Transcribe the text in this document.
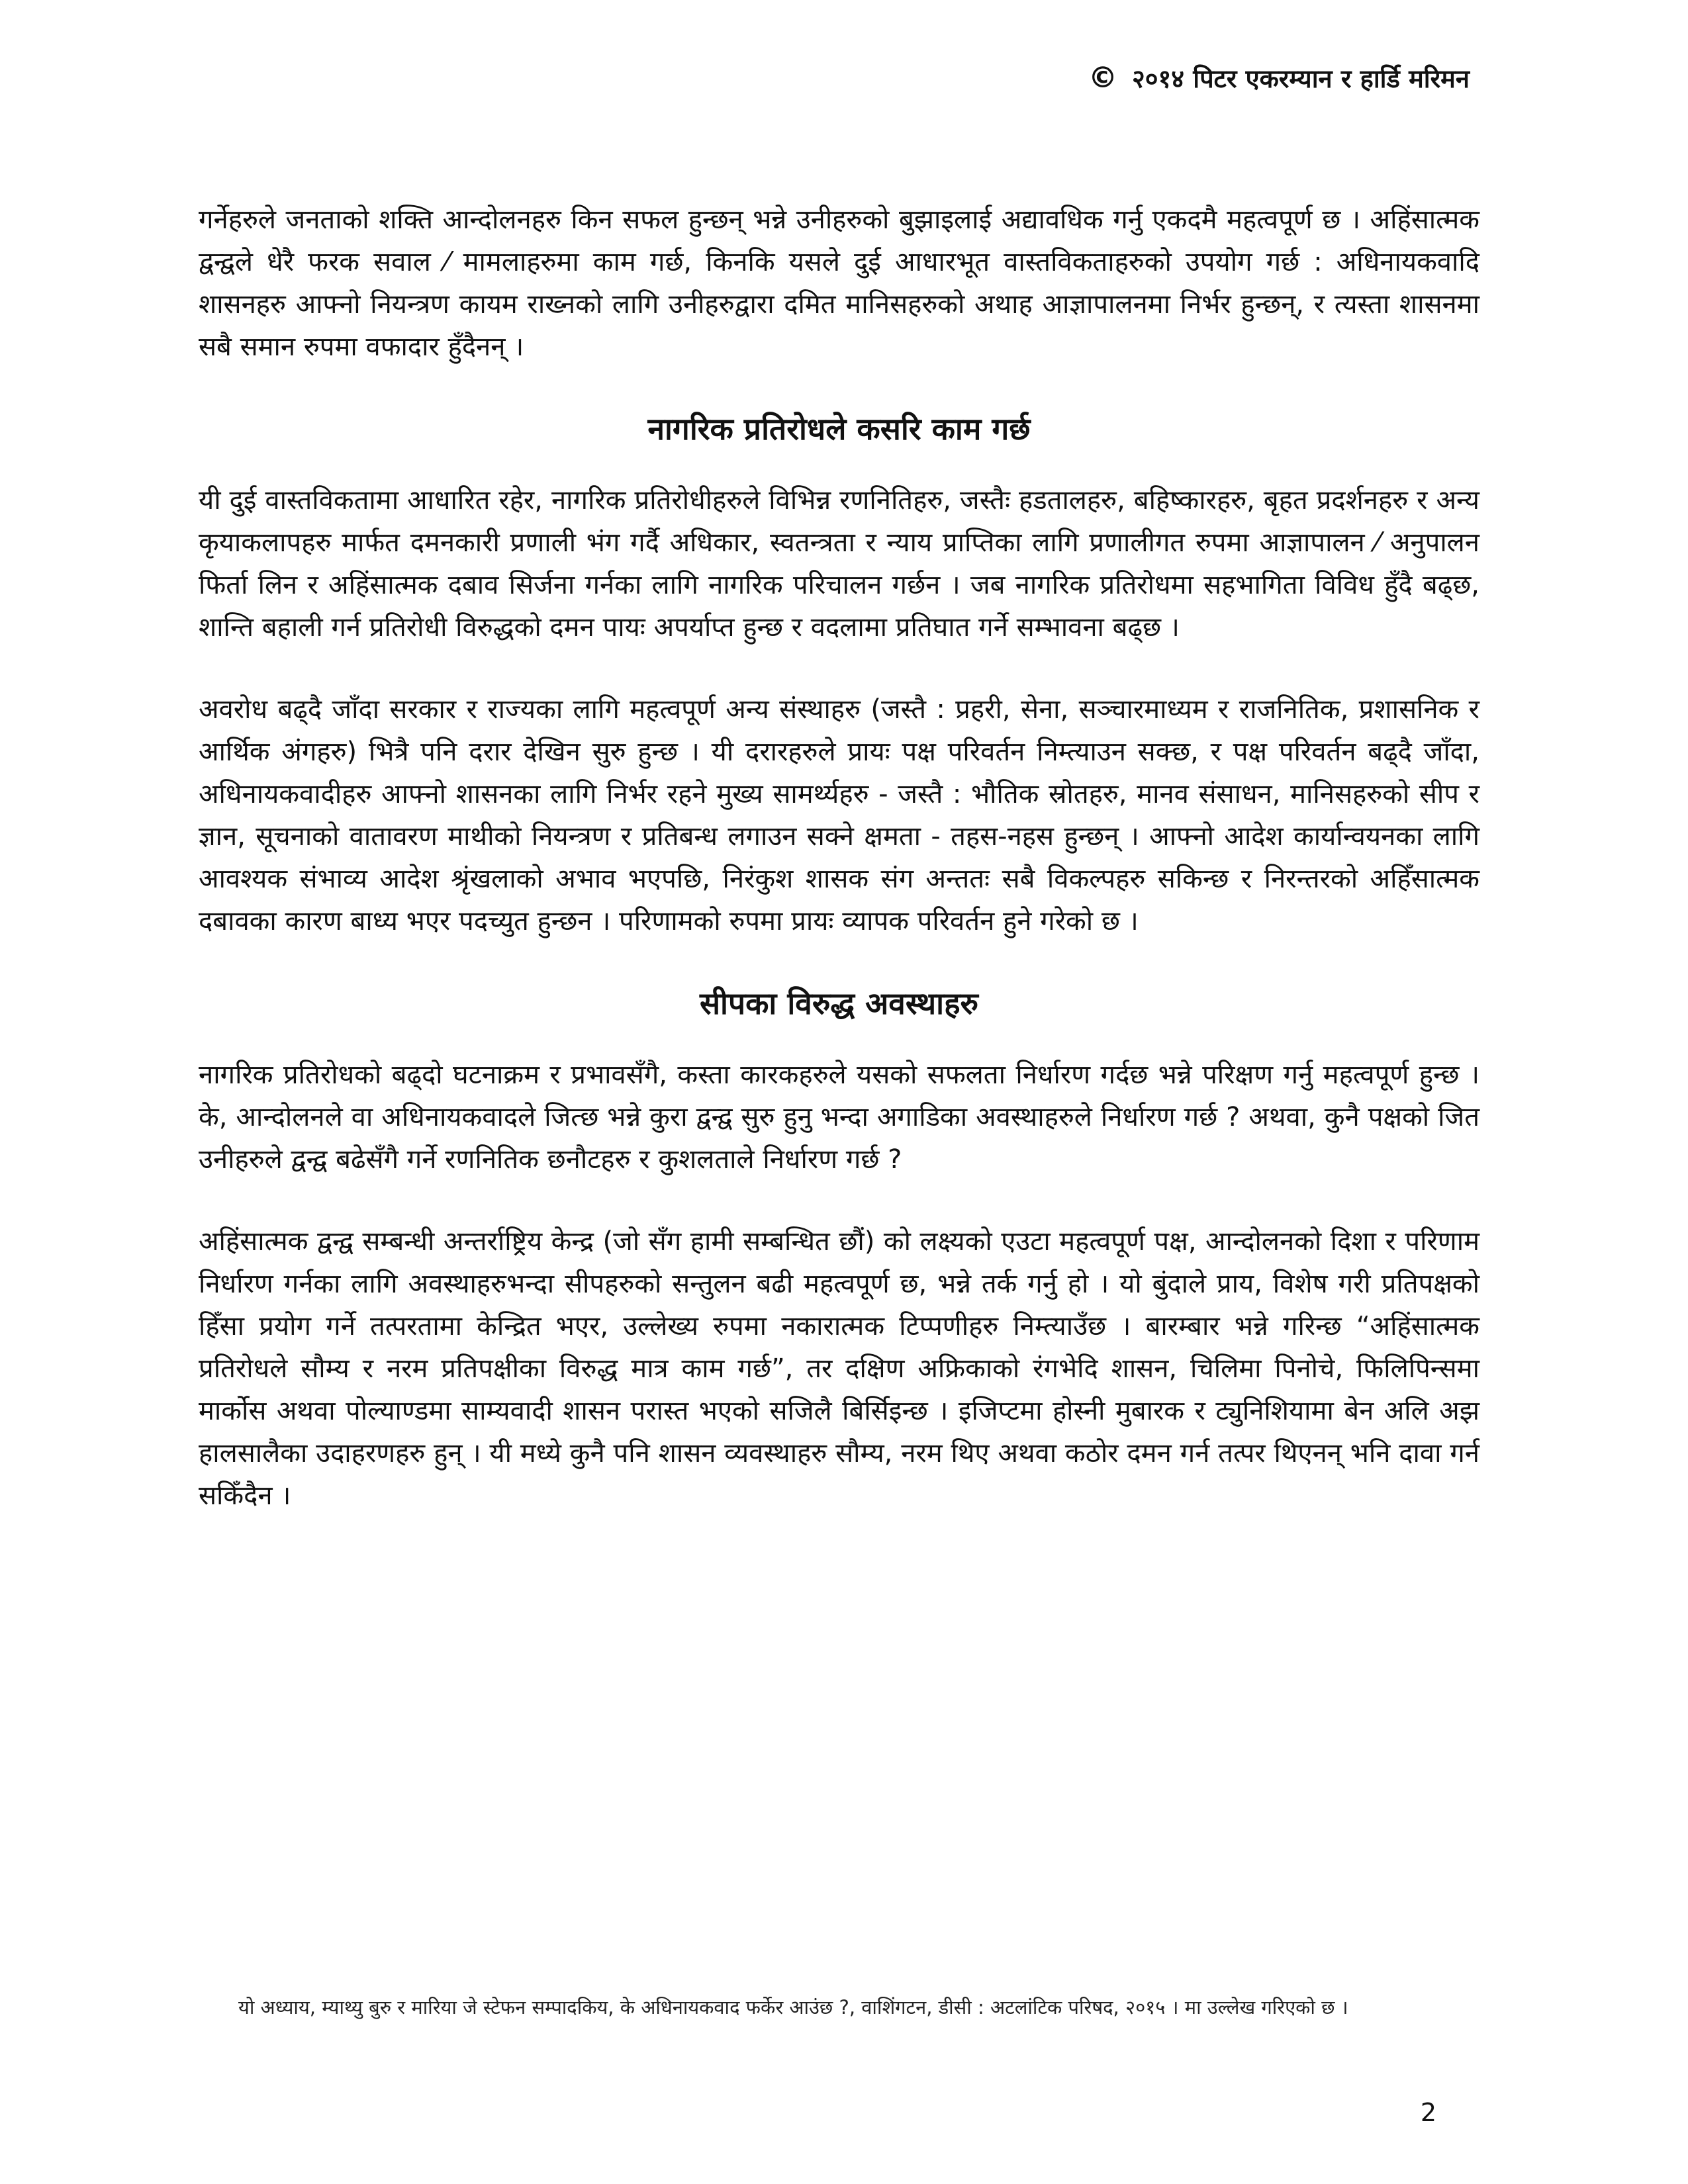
© २०१४ पिटर एकरम्यान र हार्डि मरिमन

गर्नेहरुले जनताको शक्ति आन्दोलनहरु किन सफल हुन्छन् भन्ने उनीहरुको बुझाइलाई अद्यावधिक गर्नु एकदमै महत्वपूर्ण छ । अहिंसात्मक द्वन्द्वले धेरै फरक सवाल ⁄ मामलाहरुमा काम गर्छ, किनकि यसले दुई आधारभूत वास्तविकताहरुको उपयोग गर्छ : अधिनायकवादि शासनहरु आफ्नो नियन्त्रण कायम राख्नको लागि उनीहरुद्वारा दमित मानिसहरुको अथाह आज्ञापालनमा निर्भर हुन्छन्, र त्यस्ता शासनमा सबै समान रुपमा वफादार हुँदैनन् ।

नागरिक प्रतिरोधले कसरि काम गर्छ

यी दुई वास्तविकतामा आधारित रहेर, नागरिक प्रतिरोधीहरुले विभिन्न रणनितिहरु, जस्तैः हडतालहरु, बहिष्कारहरु, बृहत प्रदर्शनहरु र अन्य कृयाकलापहरु मार्फत दमनकारी प्रणाली भंग गर्दै अधिकार, स्वतन्त्रता र न्याय प्राप्तिका लागि प्रणालीगत रुपमा आज्ञापालन ⁄ अनुपालन फिर्ता लिन र अहिंसात्मक दबाव सिर्जना गर्नका लागि नागरिक परिचालन गर्छन । जब नागरिक प्रतिरोधमा सहभागिता विविध हुँदै बढ्छ, शान्ति बहाली गर्न प्रतिरोधी विरुद्धको दमन पायः अपर्याप्त हुन्छ र वदलामा प्रतिघात गर्ने सम्भावना बढ्छ ।

अवरोध बढ्दै जाँदा सरकार र राज्यका लागि महत्वपूर्ण अन्य संस्थाहरु (जस्तै : प्रहरी, सेना, सञ्चारमाध्यम र राजनितिक, प्रशासनिक र आर्थिक अंगहरु) भित्रै पनि दरार देखिन सुरु हुन्छ । यी दरारहरुले प्रायः पक्ष परिवर्तन निम्त्याउन सक्छ, र पक्ष परिवर्तन बढ्दै जाँदा, अधिनायकवादीहरु आफ्नो शासनका लागि निर्भर रहने मुख्य सामर्थ्यहरु - जस्तै : भौतिक स्रोतहरु, मानव संसाधन, मानिसहरुको सीप र ज्ञान, सूचनाको वातावरण माथीको नियन्त्रण र प्रतिबन्ध लगाउन सक्ने क्षमता - तहस-नहस हुन्छन् । आफ्नो आदेश कार्यान्वयनका लागि आवश्यक संभाव्य आदेश श्रृंखलाको अभाव भएपछि, निरंकुश शासक संग अन्ततः सबै विकल्पहरु सकिन्छ र निरन्तरको अहिँसात्मक दबावका कारण बाध्य भएर पदच्युत हुन्छन । परिणामको रुपमा प्रायः व्यापक परिवर्तन हुने गरेको छ ।

सीपका विरुद्ध अवस्थाहरु

नागरिक प्रतिरोधको बढ्दो घटनाक्रम र प्रभावसँगै, कस्ता कारकहरुले यसको सफलता निर्धारण गर्दछ भन्ने परिक्षण गर्नु महत्वपूर्ण हुन्छ । के, आन्दोलनले वा अधिनायकवादले जित्छ भन्ने कुरा द्वन्द्व सुरु हुनु भन्दा अगाडिका अवस्थाहरुले निर्धारण गर्छ ? अथवा, कुनै पक्षको जित उनीहरुले द्वन्द्व बढेसँगै गर्ने रणनितिक छनौटहरु र कुशलताले निर्धारण गर्छ ?

अहिंसात्मक द्वन्द्व सम्बन्धी अन्तर्राष्ट्रिय केन्द्र (जो सँग हामी सम्बन्धित छौं) को लक्ष्यको एउटा महत्वपूर्ण पक्ष, आन्दोलनको दिशा र परिणाम निर्धारण गर्नका लागि अवस्थाहरुभन्दा सीपहरुको सन्तुलन बढी महत्वपूर्ण छ, भन्ने तर्क गर्नु हो । यो बुंदाले प्राय, विशेष गरी प्रतिपक्षको हिँसा प्रयोग गर्ने तत्परतामा केन्द्रित भएर, उल्लेख्य रुपमा नकारात्मक टिप्पणीहरु निम्त्याउँछ । बारम्बार भन्ने गरिन्छ “अहिंसात्मक प्रतिरोधले सौम्य र नरम प्रतिपक्षीका विरुद्ध मात्र काम गर्छ”, तर दक्षिण अफ्रिकाको रंगभेदि शासन, चिलिमा पिनोचे, फिलिपिन्समा मार्कोस अथवा पोल्याण्डमा साम्यवादी शासन परास्त भएको सजिलै बिर्सिइन्छ । इजिप्टमा होस्नी मुबारक र ट्युनिशियामा बेन अलि अझ हालसालैका उदाहरणहरु हुन् । यी मध्ये कुनै पनि शासन व्यवस्थाहरु सौम्य, नरम थिए अथवा कठोर दमन गर्न तत्पर थिएनन् भनि दावा गर्न सकिँदैन ।

यो अध्याय, म्याथ्यु बुरु र मारिया जे स्टेफन सम्पादकिय, के अधिनायकवाद फर्केर आउंछ ?, वाशिंगटन, डीसी : अटलांटिक परिषद, २०१५ । मा उल्लेख गरिएको छ ।
2
